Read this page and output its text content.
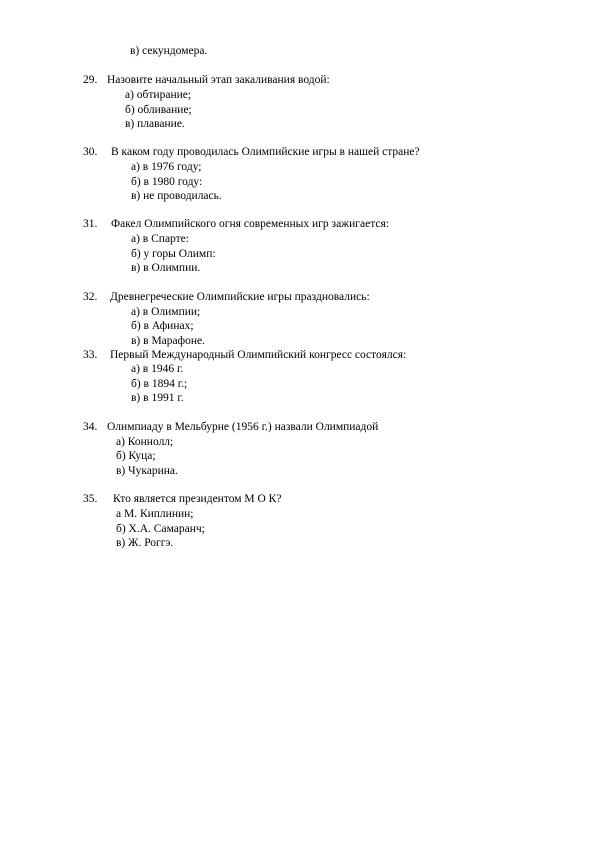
в) секундомера.
29. Назовите начальный этап закаливания водой:
а) обтирание;
б) обливание;
в) плавание.
30. В каком году проводилась Олимпийские игры в нашей стране?
а) в 1976 году;
б) в 1980 году:
в) не проводилась.
31. Факел Олимпийского огня современных игр зажигается:
а) в Спарте:
б) у горы Олимп:
в) в Олимпии.
32. Древнегреческие Олимпийские игры праздновались:
а) в Олимпии;
б) в Афинах;
в) в Марафоне.
33. Первый Международный Олимпийский конгресс состоялся:
а) в 1946 г.
б) в 1894 г.;
в) в 1991 г.
34. Олимпиаду в Мельбурне (1956 г.) назвали Олимпиадой
а) Коннолл;
б) Куца;
в) Чукарина.
35. Кто является президентом М О К?
а М. Киплинин;
б) Х.А. Самаранч;
в) Ж. Роггэ.
